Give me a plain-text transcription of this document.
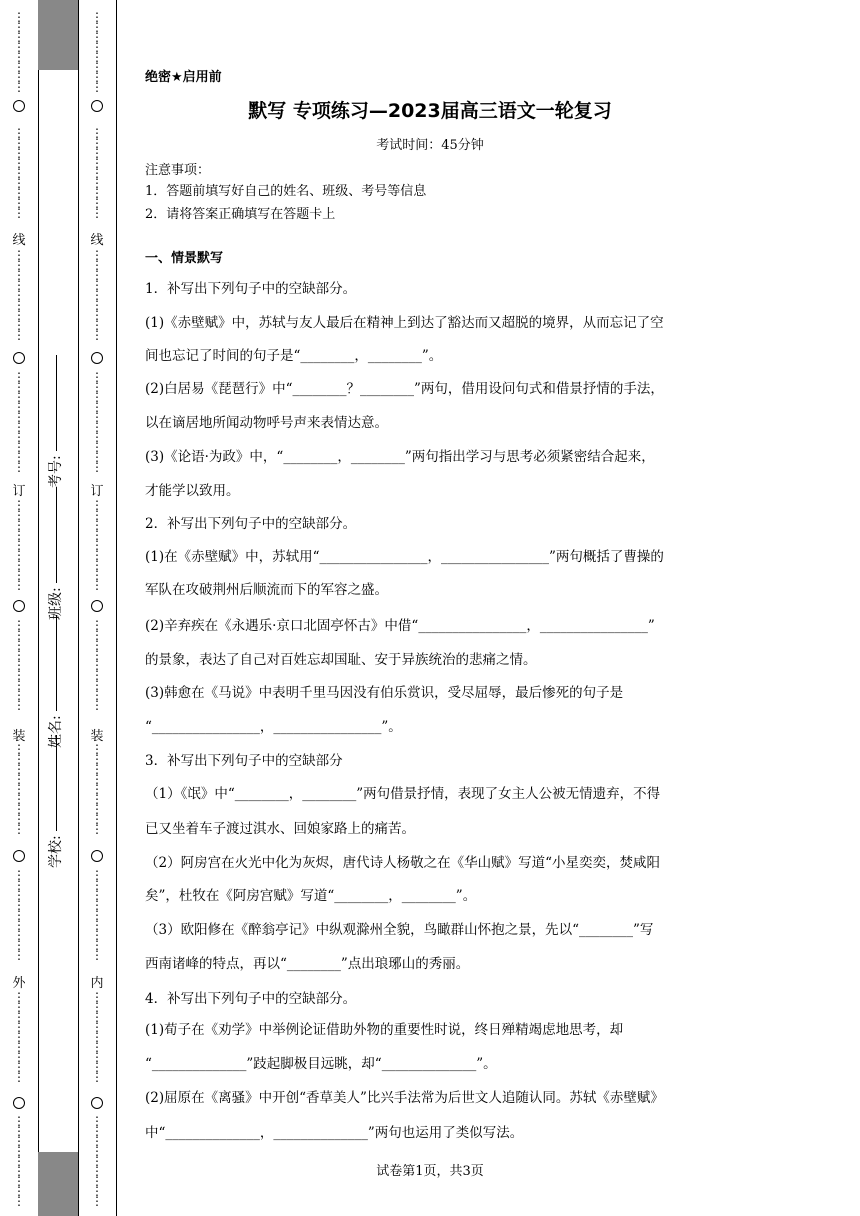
线
订
装
外
线
订
装
内
学校:
姓名:
班级:
考号:
⋮
⋮
⋮
⋮
⋮
⋮
⋮
⋮
⋮
⋮
⋮
⋮
⋮
⋮
⋮
⋮
⋮
⋮
⋮
⋮
⋮
⋮
⋮
⋮
⋮
⋮
⋮
⋮
⋮
⋮
⋮
⋮
⋮
⋮
⋮
⋮
⋮
⋮
⋮
⋮
⋮
⋮
⋮
⋮
⋮
⋮
⋮
⋮
⋮
⋮
⋮
⋮
⋮
⋮
⋮
⋮
⋮
⋮
⋮
⋮
⋮
⋮
⋮
⋮
⋮
⋮
⋮
⋮
⋮
⋮
⋮
⋮
⋮
⋮
⋮
⋮
⋮
⋮
⋮
⋮
⋮
⋮
⋮
⋮
⋮
⋮
⋮
⋮
⋮
⋮
⋮
⋮
⋮
⋮
⋮
⋮
⋮
⋮
⋮
⋮
⋮
⋮
⋮
⋮
⋮
⋮
⋮
⋮
⋮
⋮
⋮
⋮
⋮
⋮
⋮
⋮
⋮
⋮
⋮
⋮
⋮
⋮
⋮
⋮
⋮
⋮
⋮
⋮
⋮
⋮
⋮
⋮
⋮
⋮
⋮
⋮
⋮
⋮
⋮
⋮
⋮
⋮
⋮
⋮
⋮
⋮
⋮
⋮
⋮
⋮
⋮
⋮
⋮
⋮
⋮
⋮
⋮
⋮
⋮
⋮
⋮
⋮
⋮
⋮
⋮
⋮
⋮
⋮
⋮
⋮
⋮
⋮
⋮
⋮
⋮
⋮
⋮
⋮
⋮
⋮
绝密★启用前
默写 专项练习—2023届高三语文一轮复习
考试时间：45分钟
注意事项：
1．答题前填写好自己的姓名、班级、考号等信息
2．请将答案正确填写在答题卡上
一、情景默写
1．补写出下列句子中的空缺部分。
(1)《赤壁赋》中，苏轼与友人最后在精神上到达了豁达而又超脱的境界，从而忘记了空
间也忘记了时间的句子是“________，________”。
(2)白居易《琵琶行》中“________？________”两句，借用设问句式和借景抒情的手法，
以在谪居地所闻动物呼号声来表情达意。
(3)《论语·为政》中，“________，________”两句指出学习与思考必须紧密结合起来，
才能学以致用。
2．补写出下列句子中的空缺部分。
(1)在《赤壁赋》中，苏轼用“________________，________________”两句概括了曹操的
军队在攻破荆州后顺流而下的军容之盛。
(2)辛弃疾在《永遇乐·京口北固亭怀古》中借“________________，________________”
的景象，表达了自己对百姓忘却国耻、安于异族统治的悲痛之情。
(3)韩愈在《马说》中表明千里马因没有伯乐赏识，受尽屈辱，最后惨死的句子是
“________________，________________”。
3．补写出下列句子中的空缺部分
（1）《氓》中“________，________”两句借景抒情，表现了女主人公被无情遗弃，不得
已又坐着车子渡过淇水、回娘家路上的痛苦。
（2）阿房宫在火光中化为灰烬，唐代诗人杨敬之在《华山赋》写道“小星奕奕，焚咸阳
矣”，杜牧在《阿房宫赋》写道“________，________”。
（3）欧阳修在《醉翁亭记》中纵观滁州全貌，鸟瞰群山怀抱之景，先以“________”写
西南诸峰的特点，再以“________”点出琅琊山的秀丽。
4．补写出下列句子中的空缺部分。
(1)荀子在《劝学》中举例论证借助外物的重要性时说，终日殚精竭虑地思考，却
“______________”跂起脚极目远眺，却“______________”。
(2)屈原在《离骚》中开创“香草美人”比兴手法常为后世文人追随认同。苏轼《赤壁赋》
中“______________，______________”两句也运用了类似写法。
试卷第1页，共3页
